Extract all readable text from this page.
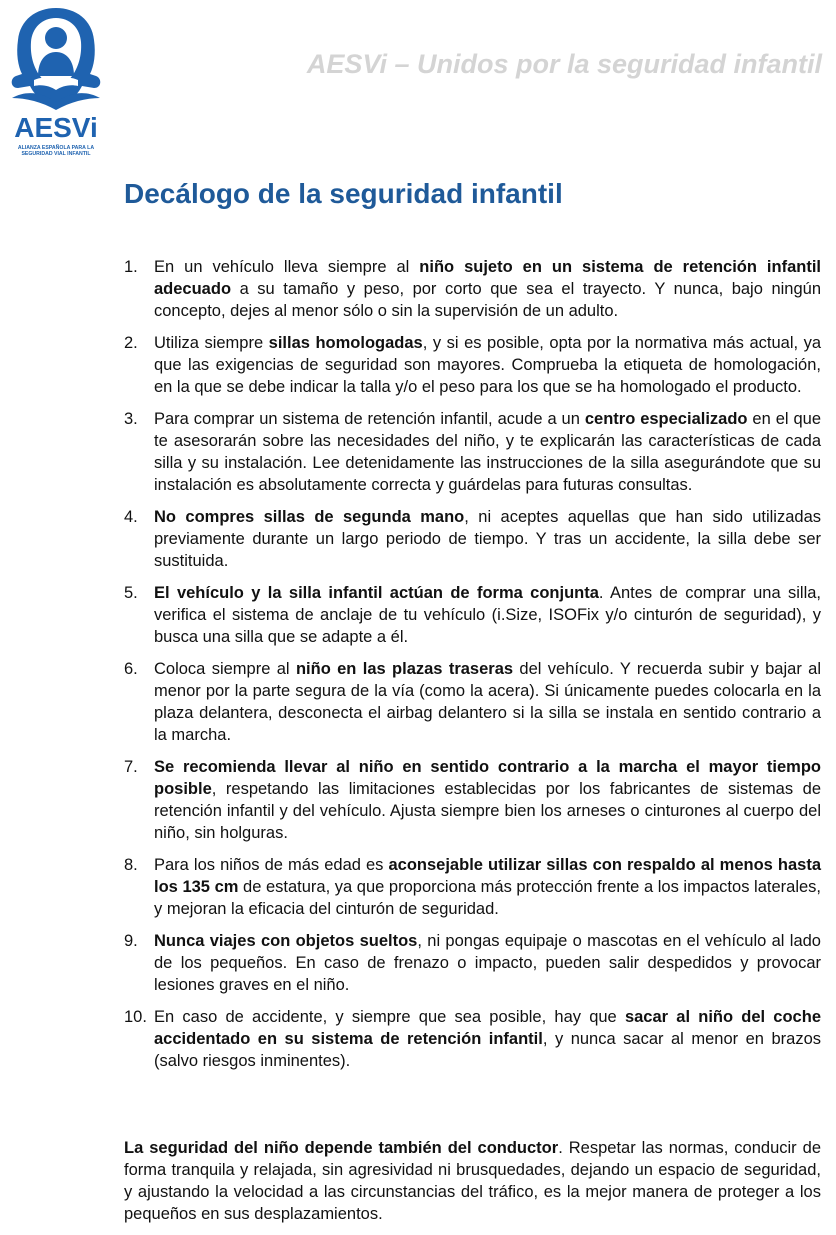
AESVi
ALIANZA ESPAÑOLA PARA LA SEGURIDAD VIAL INFANTIL
AESVi – Unidos por la seguridad infantil
Decálogo de la seguridad infantil
1. En un vehículo lleva siempre al niño sujeto en un sistema de retención infantil adecuado a su tamaño y peso, por corto que sea el trayecto. Y nunca, bajo ningún concepto, dejes al menor sólo o sin la supervisión de un adulto.
2. Utiliza siempre sillas homologadas, y si es posible, opta por la normativa más actual, ya que las exigencias de seguridad son mayores. Comprueba la etiqueta de homologación, en la que se debe indicar la talla y/o el peso para los que se ha homologado el producto.
3. Para comprar un sistema de retención infantil, acude a un centro especializado en el que te asesorarán sobre las necesidades del niño, y te explicarán las características de cada silla y su instalación. Lee detenidamente las instrucciones de la silla asegurándote que su instalación es absolutamente correcta y guárdelas para futuras consultas.
4. No compres sillas de segunda mano, ni aceptes aquellas que han sido utilizadas previamente durante un largo periodo de tiempo. Y tras un accidente, la silla debe ser sustituida.
5. El vehículo y la silla infantil actúan de forma conjunta. Antes de comprar una silla, verifica el sistema de anclaje de tu vehículo (i.Size, ISOFix y/o cinturón de seguridad), y busca una silla que se adapte a él.
6. Coloca siempre al niño en las plazas traseras del vehículo. Y recuerda subir y bajar al menor por la parte segura de la vía (como la acera). Si únicamente puedes colocarla en la plaza delantera, desconecta el airbag delantero si la silla se instala en sentido contrario a la marcha.
7. Se recomienda llevar al niño en sentido contrario a la marcha el mayor tiempo posible, respetando las limitaciones establecidas por los fabricantes de sistemas de retención infantil y del vehículo. Ajusta siempre bien los arneses o cinturones al cuerpo del niño, sin holguras.
8. Para los niños de más edad es aconsejable utilizar sillas con respaldo al menos hasta los 135 cm de estatura, ya que proporciona más protección frente a los impactos laterales, y mejoran la eficacia del cinturón de seguridad.
9. Nunca viajes con objetos sueltos, ni pongas equipaje o mascotas en el vehículo al lado de los pequeños. En caso de frenazo o impacto, pueden salir despedidos y provocar lesiones graves en el niño.
10. En caso de accidente, y siempre que sea posible, hay que sacar al niño del coche accidentado en su sistema de retención infantil, y nunca sacar al menor en brazos (salvo riesgos inminentes).

La seguridad del niño depende también del conductor. Respetar las normas, conducir de forma tranquila y relajada, sin agresividad ni brusquedades, dejando un espacio de seguridad, y ajustando la velocidad a las circunstancias del tráfico, es la mejor manera de proteger a los pequeños en sus desplazamientos.
